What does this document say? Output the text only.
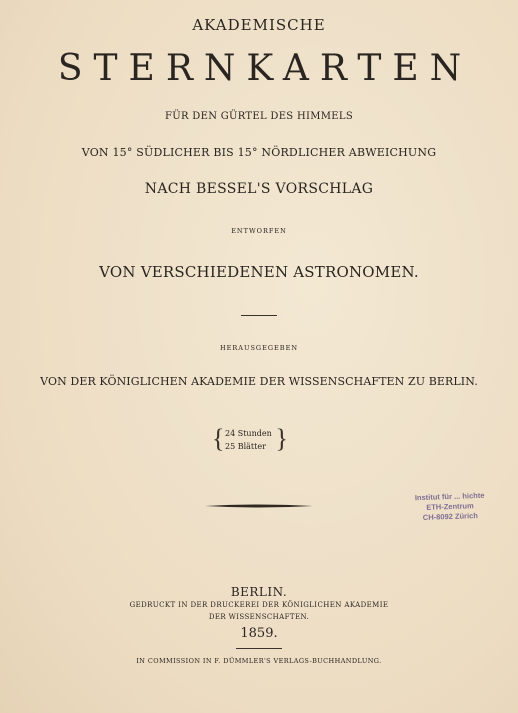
AKADEMISCHE
STERNKARTEN
FÜR DEN GÜRTEL DES HIMMELS
VON 15° SÜDLICHER BIS 15° NÖRDLICHER ABWEICHUNG
NACH BESSEL'S VORSCHLAG
ENTWORFEN
VON VERSCHIEDENEN ASTRONOMEN.
HERAUSGEGEBEN
VON DER KÖNIGLICHEN AKADEMIE DER WISSENSCHAFTEN ZU BERLIN.
{ 24 Stunden
25 Blätter }
Institut für ... hichte
ETH-Zentrum
CH-8092 Zürich
BERLIN.
GEDRUCKT IN DER DRUCKEREI DER KÖNIGLICHEN AKADEMIE
DER WISSENSCHAFTEN.
1859.
IN COMMISSION IN F. DÜMMLER'S VERLAGS-BUCHHANDLUNG.
